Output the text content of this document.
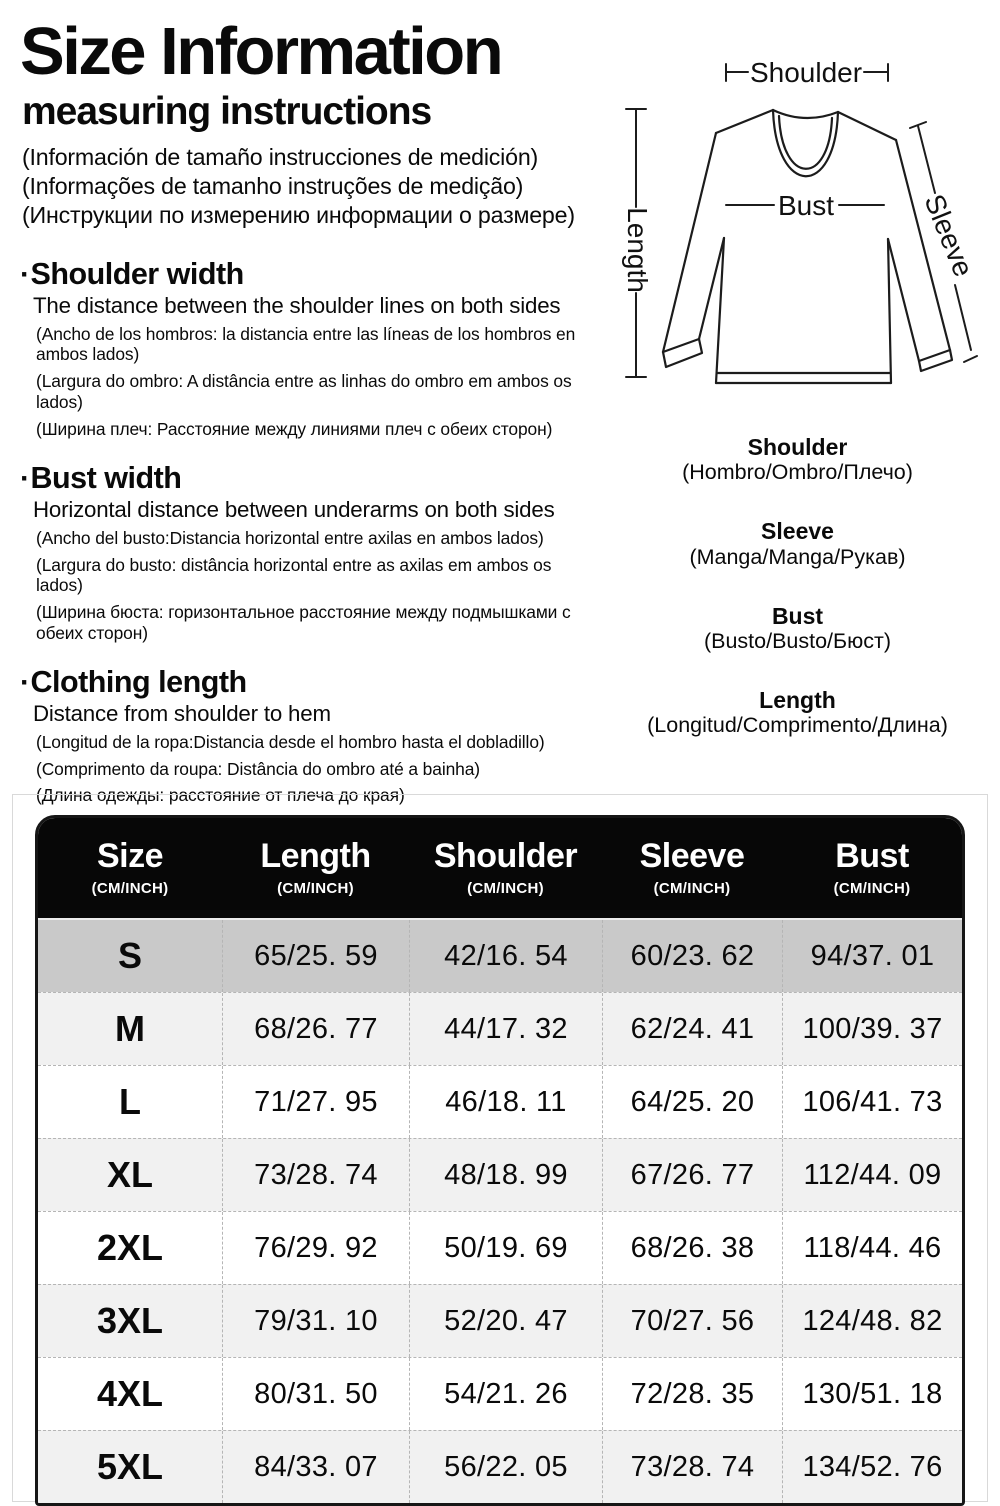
Size Information
measuring instructions
(Información de tamaño instrucciones de medición)
(Informações de tamanho instruções de medição)
(Инструкции по измерению информации о размере)
·Shoulder width
The distance between the shoulder lines on both sides
(Ancho de los hombros: la distancia entre las líneas de los hombros en ambos lados)
(Largura do ombro: A distância entre as linhas do ombro em ambos os lados)
(Ширина плеч: Расстояние между линиями плеч с обеих сторон)
·Bust width
Horizontal distance between underarms on both sides
(Ancho del busto:Distancia horizontal entre axilas en ambos lados)
(Largura do busto: distância horizontal entre as axilas em ambos os lados)
(Ширина бюста: горизонтальное расстояние между подмышками с обеих сторон)
·Clothing length
Distance from shoulder to hem
(Longitud de la ropa:Distancia desde el hombro hasta el dobladillo)
(Comprimento da roupa: Distância do ombro até a bainha)
(Длина одежды: расстояние от плеча до края)
Shoulder
Bust
Length	Sleeve
Shoulder
(Hombro/Ombro/Плечо)
Sleeve
(Manga/Manga/Рукав)
Bust
(Busto/Busto/Бюст)
Length
(Longitud/Comprimento/Длина)
Size
(CM/INCH)
Length
(CM/INCH)
Shoulder
(CM/INCH)
Sleeve
(CM/INCH)
Bust
(CM/INCH)
S	65/25. 59	42/16. 54	60/23. 62	94/37. 01
M	68/26. 77	44/17. 32	62/24. 41	100/39. 37
L	71/27. 95	46/18. 11	64/25. 20	106/41. 73
XL	73/28. 74	48/18. 99	67/26. 77	112/44. 09
2XL	76/29. 92	50/19. 69	68/26. 38	118/44. 46
3XL	79/31. 10	52/20. 47	70/27. 56	124/48. 82
4XL	80/31. 50	54/21. 26	72/28. 35	130/51. 18
5XL	84/33. 07	56/22. 05	73/28. 74	134/52. 76
